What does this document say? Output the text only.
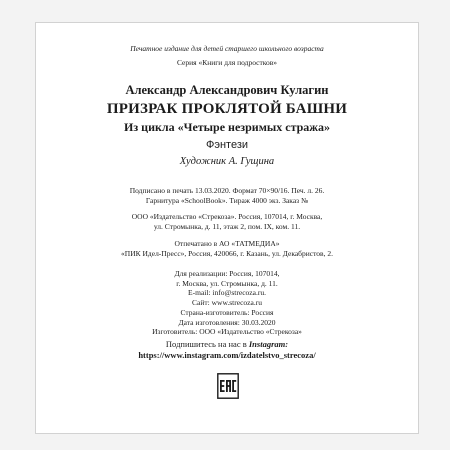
Печатное издание для детей старшего школьного возраста
Серия «Книги для подростков»
Александр Александрович Кулагин
ПРИЗРАК ПРОКЛЯТОЙ БАШНИ
Из цикла «Четыре незримых стража»
Фэнтези
Художник А. Гущина
Подписано в печать 13.03.2020. Формат 70×90/16. Печ. л. 26.
Гарнитура «SchoolBook». Тираж 4000 экз. Заказ №
ООО «Издательство «Стрекоза». Россия, 107014, г. Москва,
ул. Стромынка, д. 11, этаж 2, пом. IX, ком. 11.
Отпечатано в АО «ТАТМЕДИА»
«ПИК Идел-Пресс», Россия, 420066, г. Казань, ул. Декабристов, 2.
Для реализации: Россия, 107014,
г. Москва, ул. Стромынка, д. 11.
E-mail: info@strecoza.ru.
Сайт: www.strecoza.ru
Страна-изготовитель: Россия
Дата изготовления: 30.03.2020
Изготовитель: ООО «Издательство «Стрекоза»
Подпишитесь на нас в Instagram:
https://www.instagram.com/izdatelstvo_strecoza/
